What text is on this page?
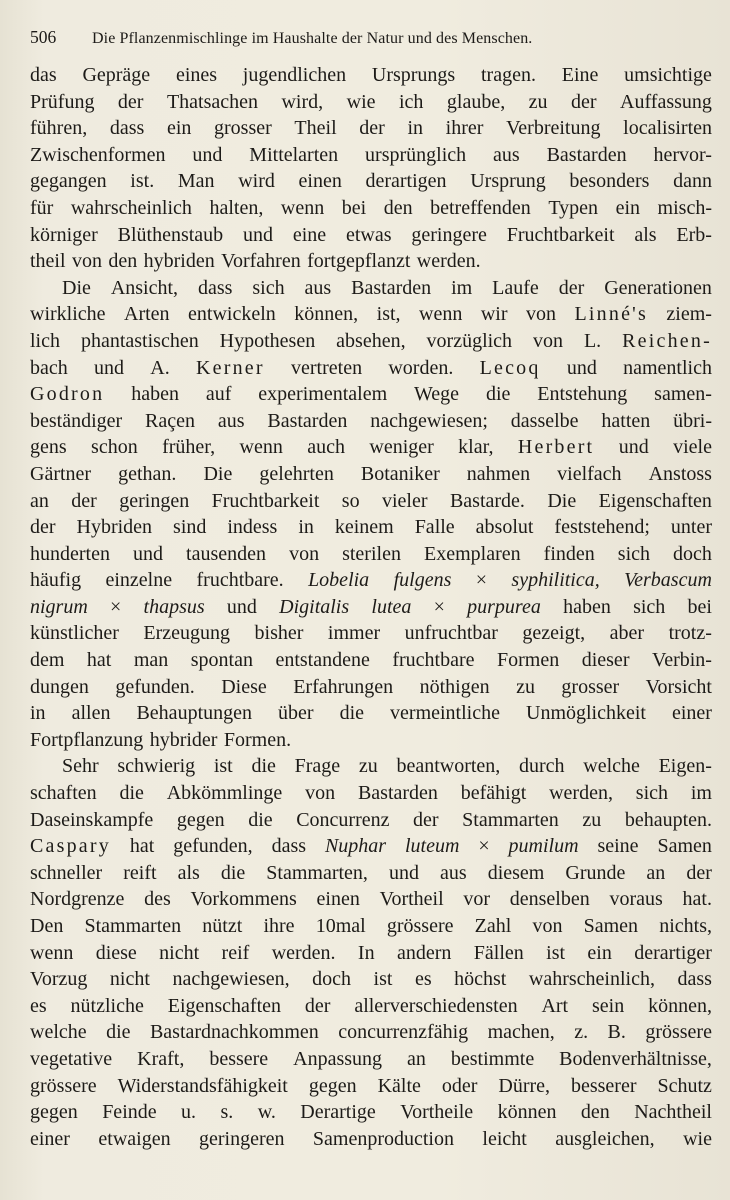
506	Die Pflanzenmischlinge im Haushalte der Natur und des Menschen.
das Gepräge eines jugendlichen Ursprungs tragen. Eine umsichtige
Prüfung der Thatsachen wird, wie ich glaube, zu der Auffassung
führen, dass ein grosser Theil der in ihrer Verbreitung localisirten
Zwischenformen und Mittelarten ursprünglich aus Bastarden hervor-
gegangen ist. Man wird einen derartigen Ursprung besonders dann
für wahrscheinlich halten, wenn bei den betreffenden Typen ein misch-
körniger Blüthenstaub und eine etwas geringere Fruchtbarkeit als Erb-
theil von den hybriden Vorfahren fortgepflanzt werden.
Die Ansicht, dass sich aus Bastarden im Laufe der Generationen
wirkliche Arten entwickeln können, ist, wenn wir von Linné's ziem-
lich phantastischen Hypothesen absehen, vorzüglich von L. Reichen-
bach und A. Kerner vertreten worden. Lecoq und namentlich
Godron haben auf experimentalem Wege die Entstehung samen-
beständiger Raçen aus Bastarden nachgewiesen; dasselbe hatten übri-
gens schon früher, wenn auch weniger klar, Herbert und viele
Gärtner gethan. Die gelehrten Botaniker nahmen vielfach Anstoss
an der geringen Fruchtbarkeit so vieler Bastarde. Die Eigenschaften
der Hybriden sind indess in keinem Falle absolut feststehend; unter
hunderten und tausenden von sterilen Exemplaren finden sich doch
häufig einzelne fruchtbare. Lobelia fulgens × syphilitica, Verbascum
nigrum × thapsus und Digitalis lutea × purpurea haben sich bei
künstlicher Erzeugung bisher immer unfruchtbar gezeigt, aber trotz-
dem hat man spontan entstandene fruchtbare Formen dieser Verbin-
dungen gefunden. Diese Erfahrungen nöthigen zu grosser Vorsicht
in allen Behauptungen über die vermeintliche Unmöglichkeit einer
Fortpflanzung hybrider Formen.
Sehr schwierig ist die Frage zu beantworten, durch welche Eigen-
schaften die Abkömmlinge von Bastarden befähigt werden, sich im
Daseinskampfe gegen die Concurrenz der Stammarten zu behaupten.
Caspary hat gefunden, dass Nuphar luteum × pumilum seine Samen
schneller reift als die Stammarten, und aus diesem Grunde an der
Nordgrenze des Vorkommens einen Vortheil vor denselben voraus hat.
Den Stammarten nützt ihre 10mal grössere Zahl von Samen nichts,
wenn diese nicht reif werden. In andern Fällen ist ein derartiger
Vorzug nicht nachgewiesen, doch ist es höchst wahrscheinlich, dass
es nützliche Eigenschaften der allerverschiedensten Art sein können,
welche die Bastardnachkommen concurrenzfähig machen, z. B. grössere
vegetative Kraft, bessere Anpassung an bestimmte Bodenverhältnisse,
grössere Widerstandsfähigkeit gegen Kälte oder Dürre, besserer Schutz
gegen Feinde u. s. w. Derartige Vortheile können den Nachtheil
einer etwaigen geringeren Samenproduction leicht ausgleichen, wie
